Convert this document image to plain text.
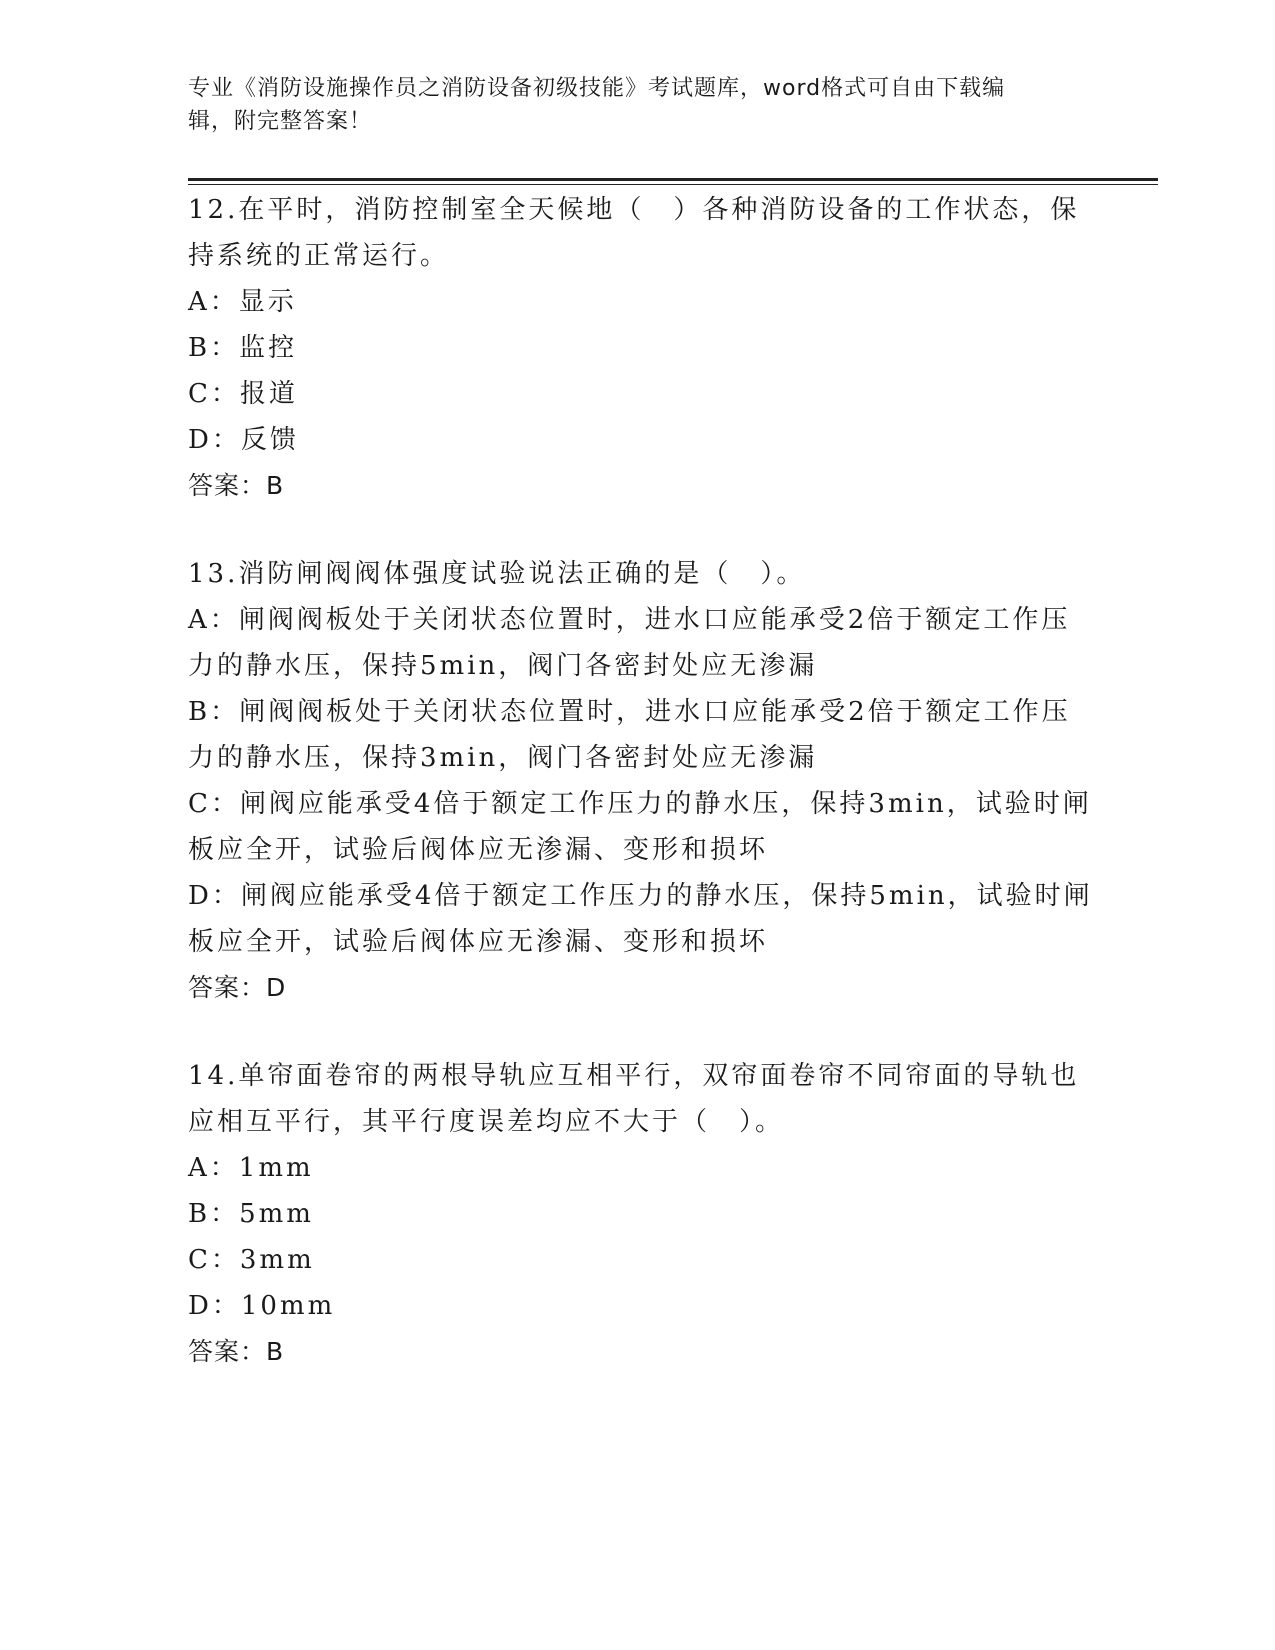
专业《消防设施操作员之消防设备初级技能》考试题库，word格式可自由下载编
辑，附完整答案！
12.在平时，消防控制室全天候地（　）各种消防设备的工作状态，保
持系统的正常运行。
A：显示
B：监控
C：报道
D：反馈
答案：B
13.消防闸阀阀体强度试验说法正确的是（　）。
A：闸阀阀板处于关闭状态位置时，进水口应能承受2倍于额定工作压
力的静水压，保持5min，阀门各密封处应无渗漏
B：闸阀阀板处于关闭状态位置时，进水口应能承受2倍于额定工作压
力的静水压，保持3min，阀门各密封处应无渗漏
C：闸阀应能承受4倍于额定工作压力的静水压，保持3min，试验时闸
板应全开，试验后阀体应无渗漏、变形和损坏
D：闸阀应能承受4倍于额定工作压力的静水压，保持5min，试验时闸
板应全开，试验后阀体应无渗漏、变形和损坏
答案：D
14.单帘面卷帘的两根导轨应互相平行，双帘面卷帘不同帘面的导轨也
应相互平行，其平行度误差均应不大于（　）。
A：1mm
B：5mm
C：3mm
D：10mm
答案：B
